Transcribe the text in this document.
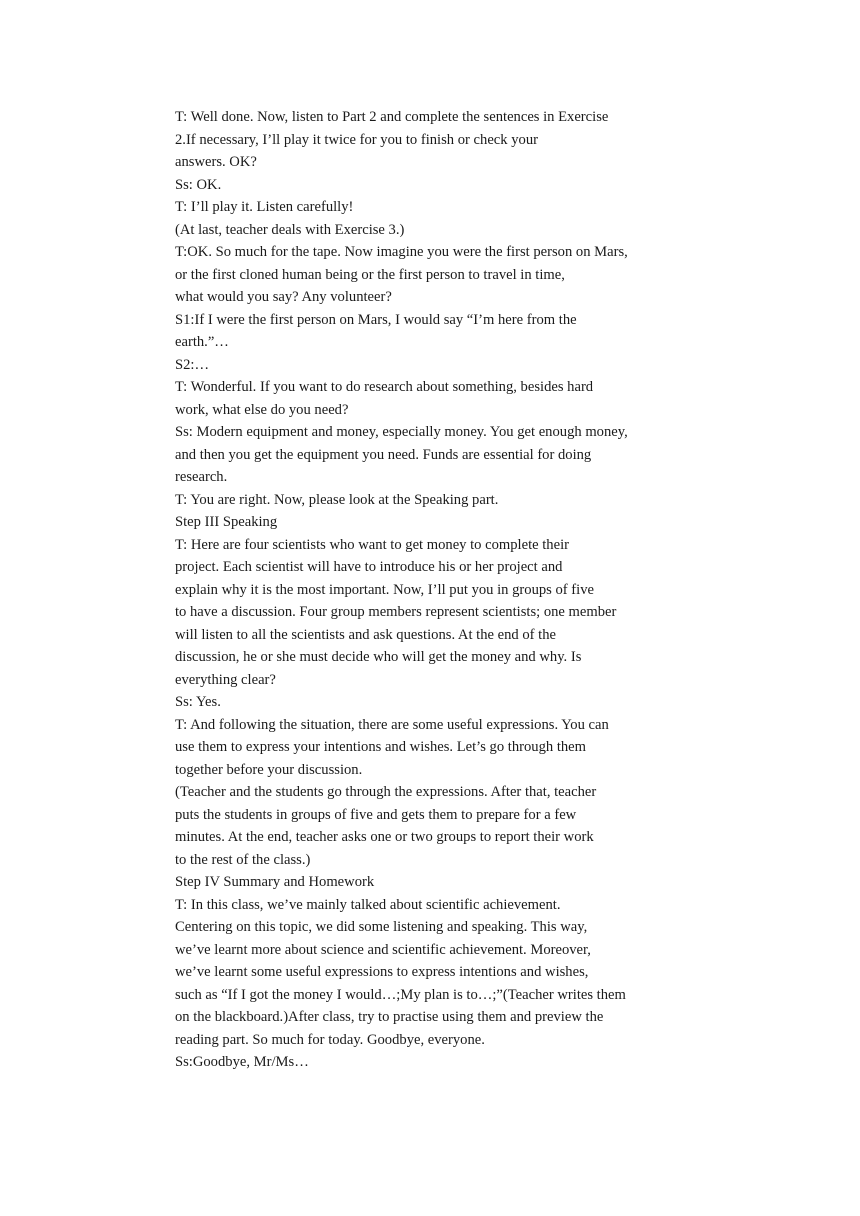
T: Well done. Now, listen to Part 2 and complete the sentences in Exercise
2.If necessary, I’ll play it twice for you to finish or check your
answers. OK?
Ss: OK.
T: I’ll play it. Listen carefully!
(At last, teacher deals with Exercise 3.)
T:OK. So much for the tape. Now imagine you were the first person on Mars,
or the first cloned human being or the first person to travel in time,
what would you say? Any volunteer?
S1:If I were the first person on Mars, I would say “I’m here from the
earth.”…
S2:…
T: Wonderful. If you want to do research about something, besides hard
work, what else do you need?
Ss: Modern equipment and money, especially money. You get enough money,
and then you get the equipment you need. Funds are essential for doing
research.
T: You are right. Now, please look at the Speaking part.
Step III Speaking
T: Here are four scientists who want to get money to complete their
project. Each scientist will have to introduce his or her project and
explain why it is the most important. Now, I’ll put you in groups of five
to have a discussion. Four group members represent scientists; one member
will listen to all the scientists and ask questions. At the end of the
discussion, he or she must decide who will get the money and why. Is
everything clear?
Ss: Yes.
T: And following the situation, there are some useful expressions. You can
use them to express your intentions and wishes. Let’s go through them
together before your discussion.
(Teacher and the students go through the expressions. After that, teacher
puts the students in groups of five and gets them to prepare for a few
minutes. At the end, teacher asks one or two groups to report their work
to the rest of the class.)
Step IV Summary and Homework
T: In this class, we’ve mainly talked about scientific achievement.
Centering on this topic, we did some listening and speaking. This way,
we’ve learnt more about science and scientific achievement. Moreover,
we’ve learnt some useful expressions to express intentions and wishes,
such as “If I got the money I would…;My plan is to…;”(Teacher writes them
on the blackboard.)After class, try to practise using them and preview the
reading part. So much for today. Goodbye, everyone.
Ss:Goodbye, Mr/Ms…
